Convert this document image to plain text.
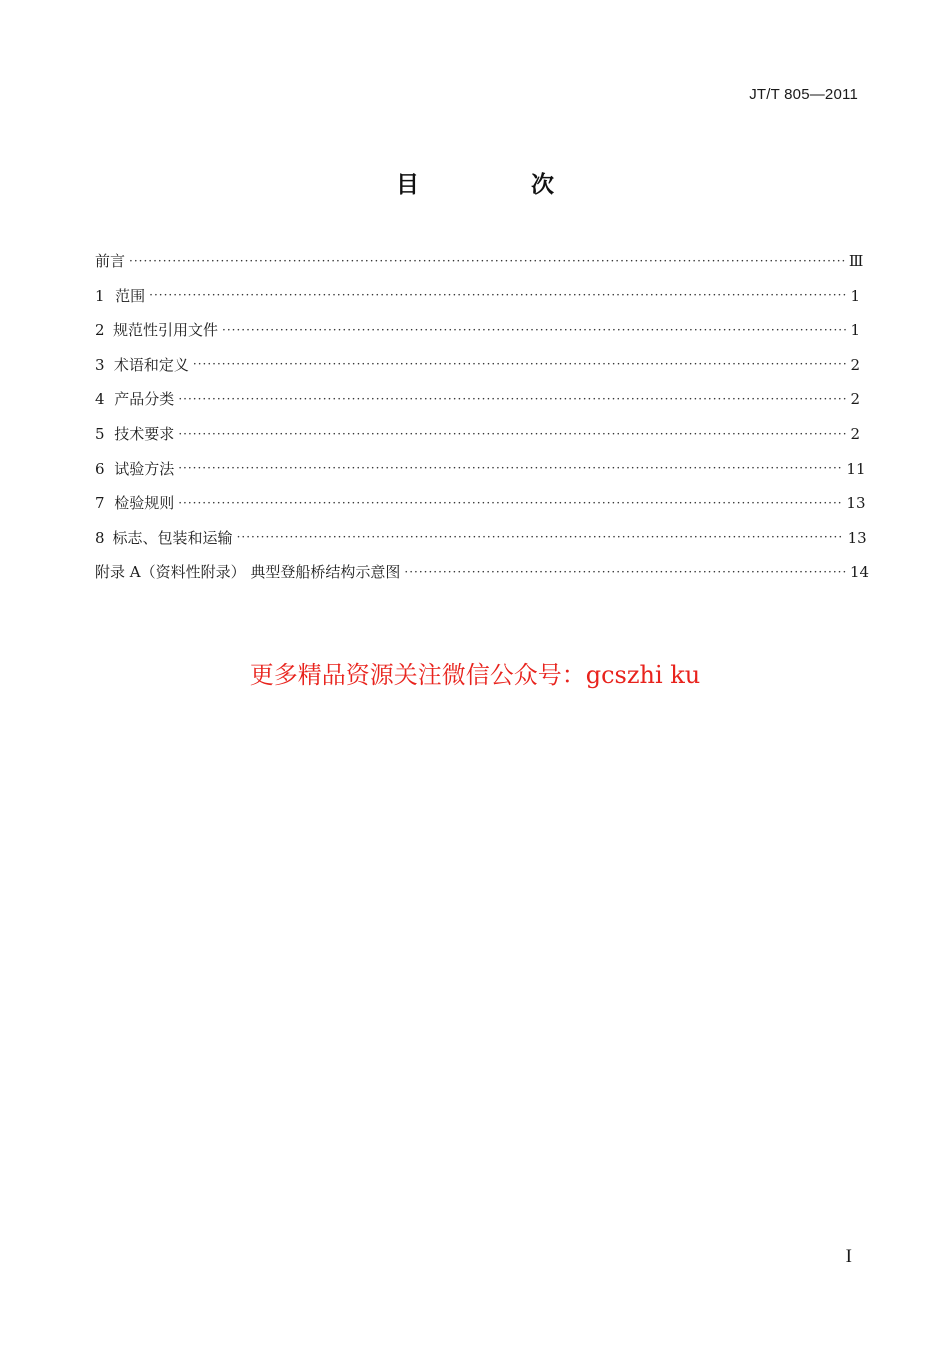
JT/T 805—2011
目 次
前言 ·····	Ⅲ
1 范围 ·····	1
2 规范性引用文件 ·····	1
3 术语和定义 ·····	2
4 产品分类 ·····	2
5 技术要求 ·····	2
6 试验方法 ·····	11
7 检验规则 ·····	13
8 标志、包装和运输 ·····	13
附录 A（资料性附录） 典型登船桥结构示意图 ·····	14
更多精品资源关注微信公众号：gcszhi ku
I
